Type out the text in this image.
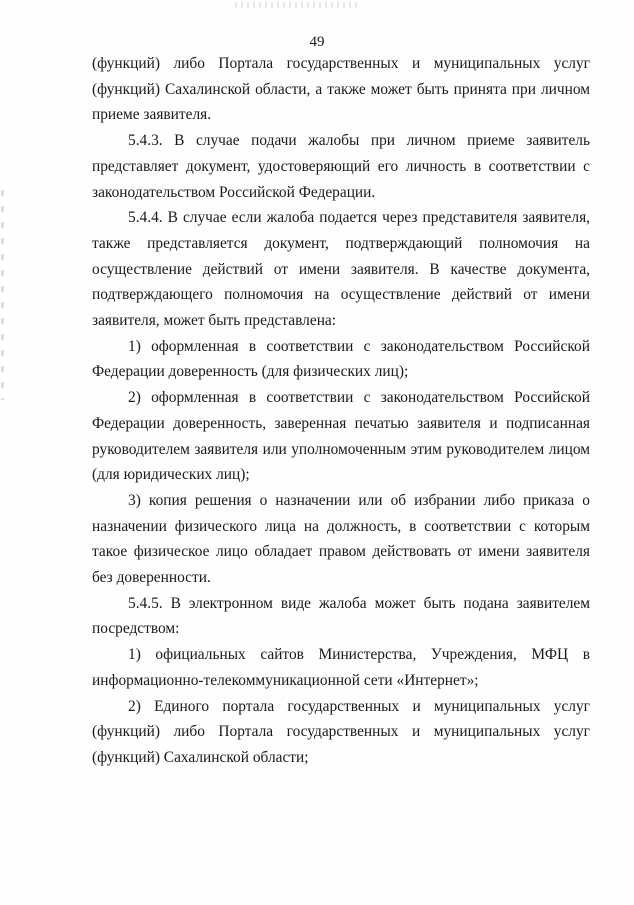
49

(функций) либо Портала государственных и муниципальных услуг (функций) Сахалинской области, а также может быть принята при личном приеме заявителя.

5.4.3. В случае подачи жалобы при личном приеме заявитель представляет документ, удостоверяющий его личность в соответствии с законодательством Российской Федерации.

5.4.4. В случае если жалоба подается через представителя заявителя, также представляется документ, подтверждающий полномочия на осуществление действий от имени заявителя. В качестве документа, подтверждающего полномочия на осуществление действий от имени заявителя, может быть представлена:

1) оформленная в соответствии с законодательством Российской Федерации доверенность (для физических лиц);

2) оформленная в соответствии с законодательством Российской Федерации доверенность, заверенная печатью заявителя и подписанная руководителем заявителя или уполномоченным этим руководителем лицом (для юридических лиц);

3) копия решения о назначении или об избрании либо приказа о назначении физического лица на должность, в соответствии с которым такое физическое лицо обладает правом действовать от имени заявителя без доверенности.

5.4.5. В электронном виде жалоба может быть подана заявителем посредством:

1) официальных сайтов Министерства, Учреждения, МФЦ в информационно-телекоммуникационной сети «Интернет»;

2) Единого портала государственных и муниципальных услуг (функций) либо Портала государственных и муниципальных услуг (функций) Сахалинской области;
